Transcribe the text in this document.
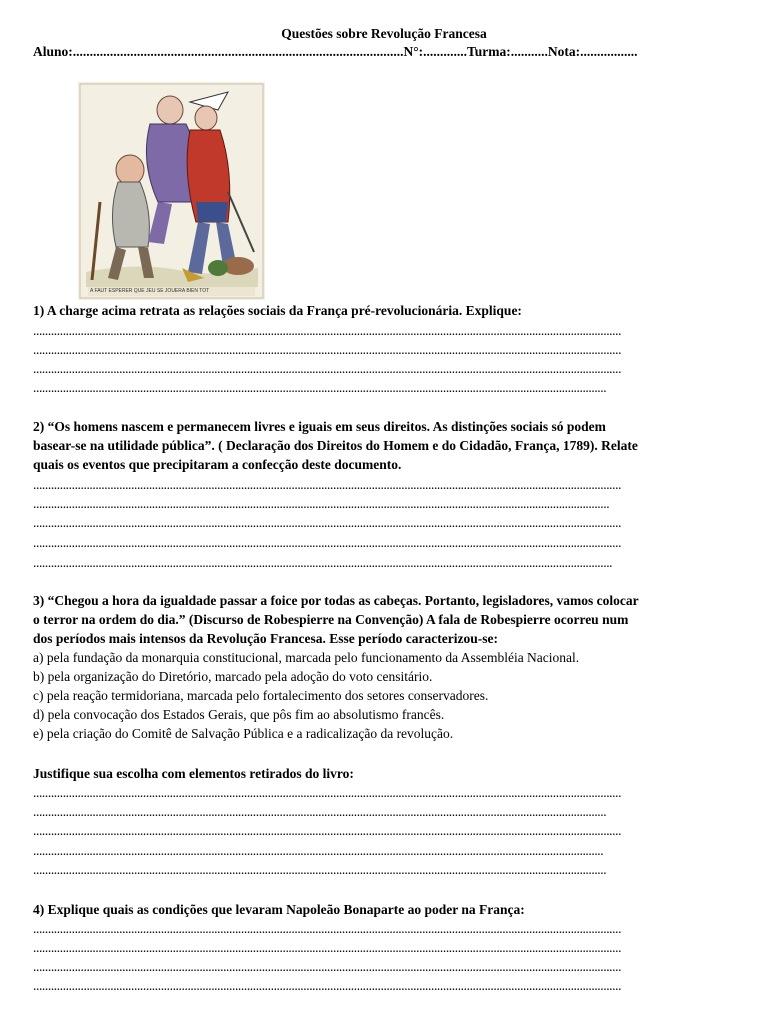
Questões sobre Revolução Francesa
Aluno:..................................................................................................N°:.............Turma:...........Nota:.................
A FAUT ESPERER QUE JEU SE JOUERA BIEN TOT
1) A charge acima retrata as relações sociais da França pré-revolucionária. Explique:
......................................................................................................................................................................................................
......................................................................................................................................................................................................
......................................................................................................................................................................................................
.................................................................................................................................................................................................
2) “Os homens nascem e permanecem livres e iguais em seus direitos. As distinções sociais só podem
basear-se na utilidade pública”. ( Declaração dos Direitos do Homem e do Cidadão, França, 1789). Relate
quais os eventos que precipitaram a confecção deste documento.
......................................................................................................................................................................................................
..................................................................................................................................................................................................
......................................................................................................................................................................................................
......................................................................................................................................................................................................
...................................................................................................................................................................................................
3) “Chegou a hora da igualdade passar a foice por todas as cabeças. Portanto, legisladores, vamos colocar
o terror na ordem do dia.” (Discurso de Robespierre na Convenção) A fala de Robespierre ocorreu num
dos períodos mais intensos da Revolução Francesa. Esse período caracterizou-se:
a) pela fundação da monarquia constitucional, marcada pelo funcionamento da Assembléia Nacional.
b) pela organização do Diretório, marcado pela adoção do voto censitário.
c) pela reação termidoriana, marcada pelo fortalecimento dos setores conservadores.
d) pela convocação dos Estados Gerais, que pôs fim ao absolutismo francês.
e) pela criação do Comitê de Salvação Pública e a radicalização da revolução.
Justifique sua escolha com elementos retirados do livro:
......................................................................................................................................................................................................
.................................................................................................................................................................................................
......................................................................................................................................................................................................
................................................................................................................................................................................................
.................................................................................................................................................................................................
4) Explique quais as condições que levaram Napoleão Bonaparte ao poder na França:
......................................................................................................................................................................................................
......................................................................................................................................................................................................
......................................................................................................................................................................................................
......................................................................................................................................................................................................
